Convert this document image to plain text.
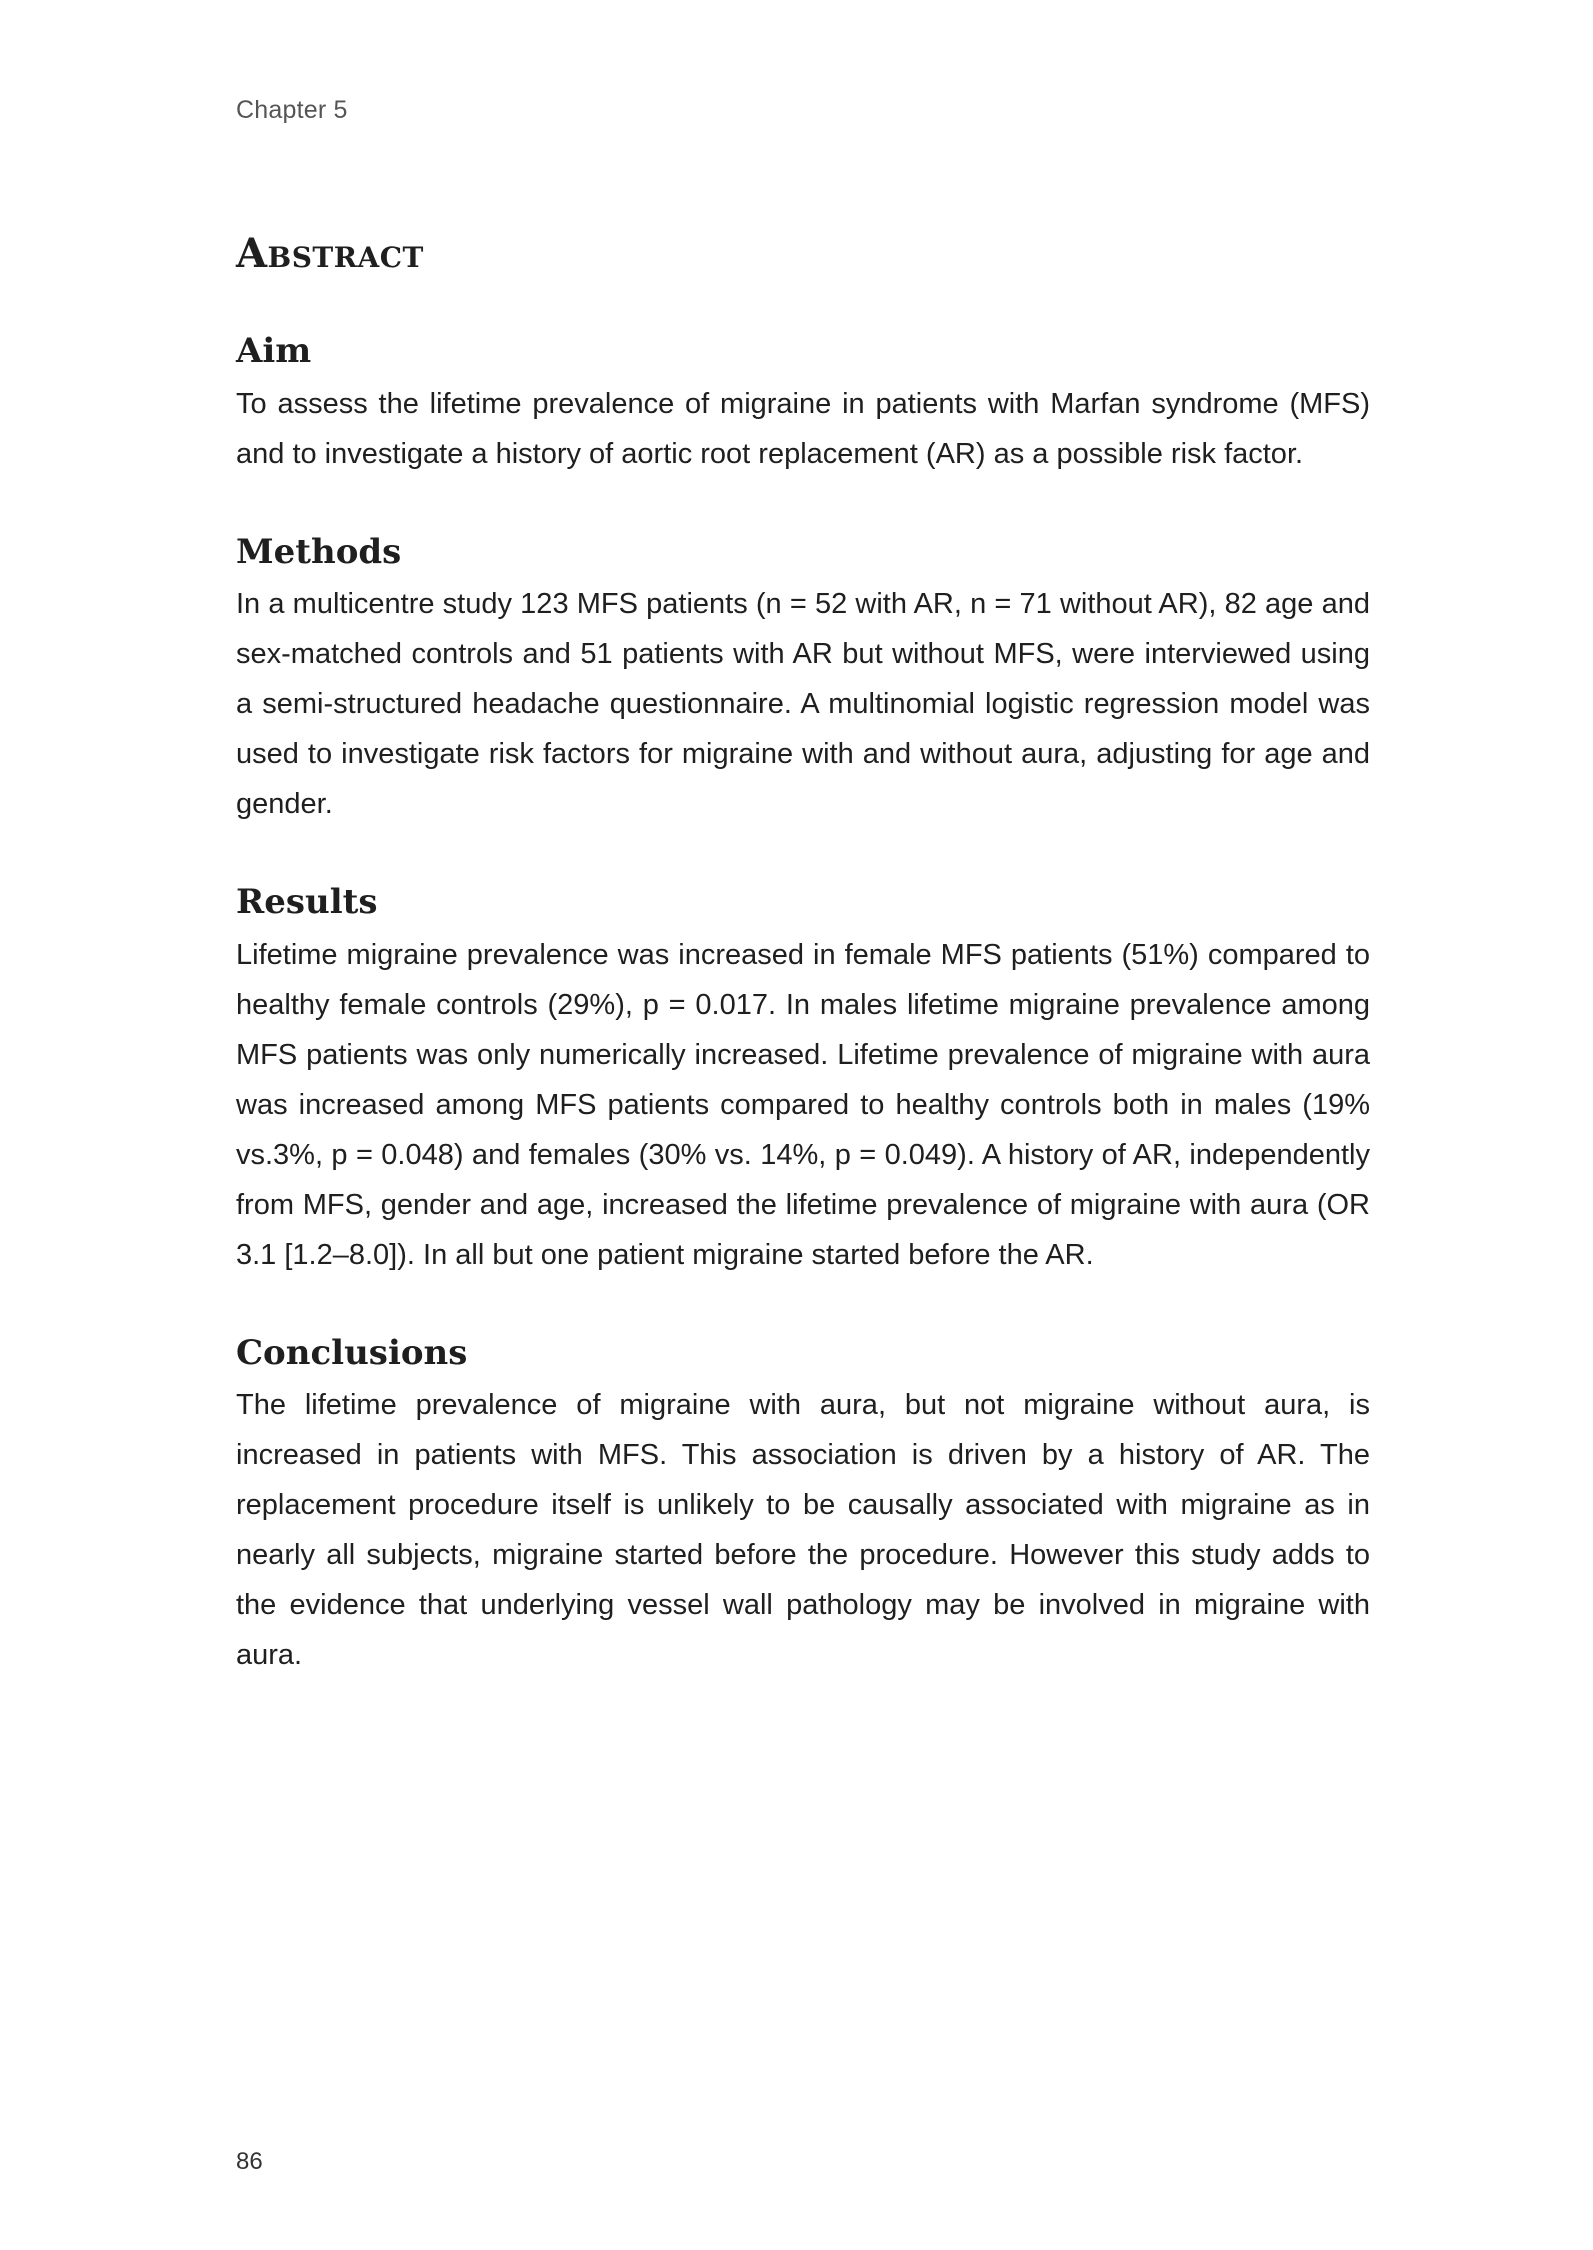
Chapter 5
Abstract
Aim

To assess the lifetime prevalence of migraine in patients with Marfan syndrome (MFS) and to investigate a history of aortic root replacement (AR) as a possible risk factor.

Methods

In a multicentre study 123 MFS patients (n = 52 with AR, n = 71 without AR), 82 age and sex-matched controls and 51 patients with AR but without MFS, were interviewed using a semi-structured headache questionnaire. A multinomial logistic regression model was used to investigate risk factors for migraine with and without aura, adjusting for age and gender.

Results

Lifetime migraine prevalence was increased in female MFS patients (51%) compared to healthy female controls (29%), p = 0.017. In males lifetime migraine prevalence among MFS patients was only numerically increased. Lifetime prevalence of migraine with aura was increased among MFS patients compared to healthy controls both in males (19% vs.3%, p = 0.048) and females (30% vs. 14%, p = 0.049). A history of AR, independently from MFS, gender and age, increased the lifetime prevalence of migraine with aura (OR 3.1 [1.2–8.0]). In all but one patient migraine started before the AR.

Conclusions

The lifetime prevalence of migraine with aura, but not migraine without aura, is increased in patients with MFS. This association is driven by a history of AR. The replacement procedure itself is unlikely to be causally associated with migraine as in nearly all subjects, migraine started before the procedure. However this study adds to the evidence that underlying vessel wall pathology may be involved in migraine with aura.

86
